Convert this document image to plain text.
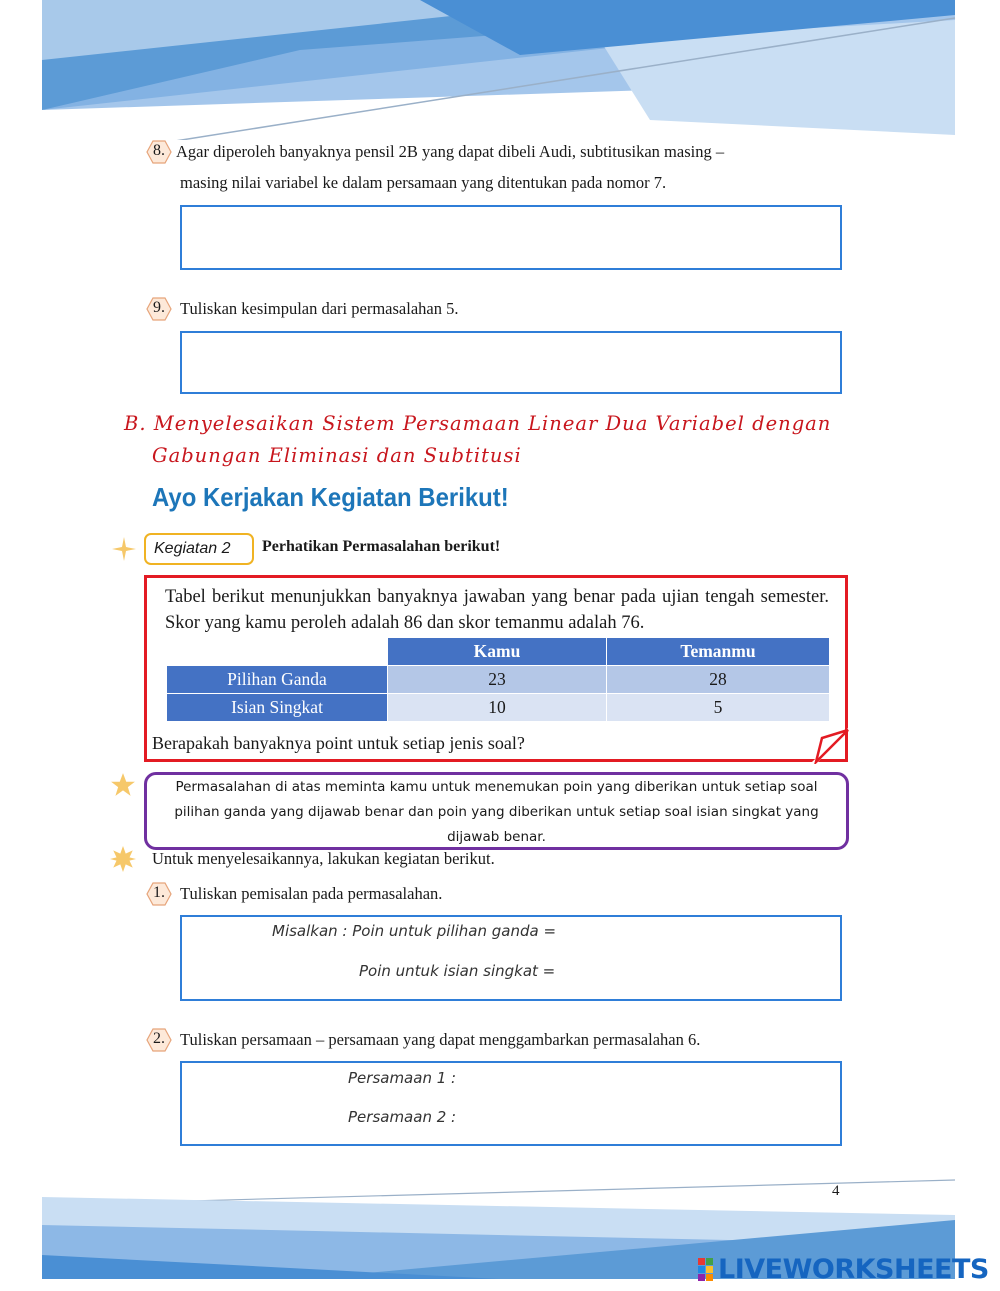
8. Agar diperoleh banyaknya pensil 2B yang dapat dibeli Audi, subtitusikan masing –
masing nilai variabel ke dalam persamaan yang ditentukan pada nomor 7.
9. Tuliskan kesimpulan dari permasalahan 5.
B. Menyelesaikan Sistem Persamaan Linear Dua Variabel dengan
Gabungan Eliminasi dan Subtitusi
Ayo Kerjakan Kegiatan Berikut!
Kegiatan 2	Perhatikan Permasalahan berikut!
Tabel berikut menunjukkan banyaknya jawaban yang benar pada ujian tengah semester. Skor yang kamu peroleh adalah 86 dan skor temanmu adalah 76.
	Kamu	Temanmu
Pilihan Ganda	23	28
Isian Singkat	10	5
Berapakah banyaknya point untuk setiap jenis soal?
Permasalahan di atas meminta kamu untuk menemukan poin yang diberikan untuk setiap soal pilihan ganda yang dijawab benar dan poin yang diberikan untuk setiap soal isian singkat yang dijawab benar.
Untuk menyelesaikannya, lakukan kegiatan berikut.
1. Tuliskan pemisalan pada permasalahan.
Misalkan : Poin untuk pilihan ganda =
Poin untuk isian singkat =
2. Tuliskan persamaan – persamaan yang dapat menggambarkan permasalahan 6.
Persamaan 1 :
Persamaan 2 :
4
LIVEWORKSHEETS
